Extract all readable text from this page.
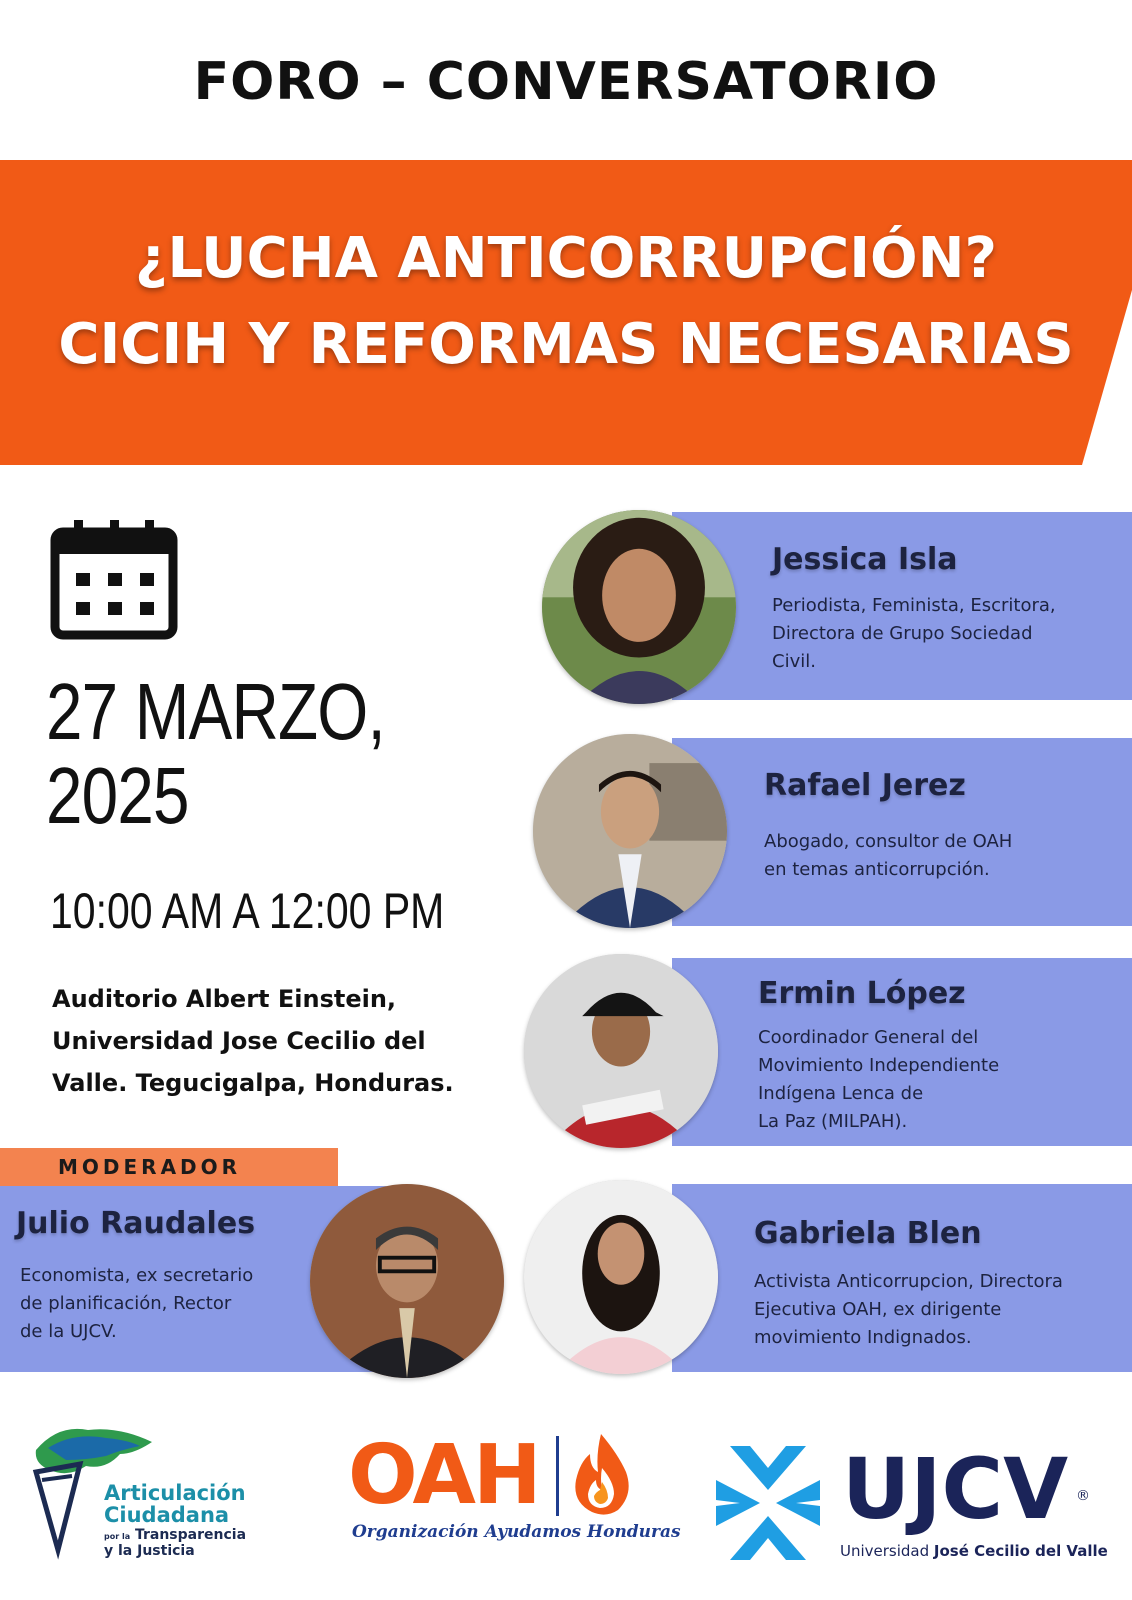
FORO – CONVERSATORIO
¿LUCHA ANTICORRUPCIÓN?
CICIH Y REFORMAS NECESARIAS
27 MARZO,
2025
10:00 AM A 12:00 PM
Auditorio Albert Einstein,
Universidad Jose Cecilio del
Valle. Tegucigalpa, Honduras.
Jessica Isla
Periodista, Feminista, Escritora,
Directora de Grupo Sociedad
Civil.
Rafael Jerez
Abogado, consultor de OAH
en temas anticorrupción.
Ermin López
Coordinador General del
Movimiento Independiente
Indígena Lenca de
La Paz (MILPAH).
MODERADOR
Julio Raudales
Economista, ex secretario
de planificación, Rector
de la UJCV.
Gabriela Blen
Activista Anticorrupcion, Directora
Ejecutiva OAH, ex dirigente
movimiento Indignados.
Articulación
Ciudadana
por la Transparencia
y la Justicia
OAH
Organización Ayudamos Honduras UJCV ®
Universidad José Cecilio del Valle
